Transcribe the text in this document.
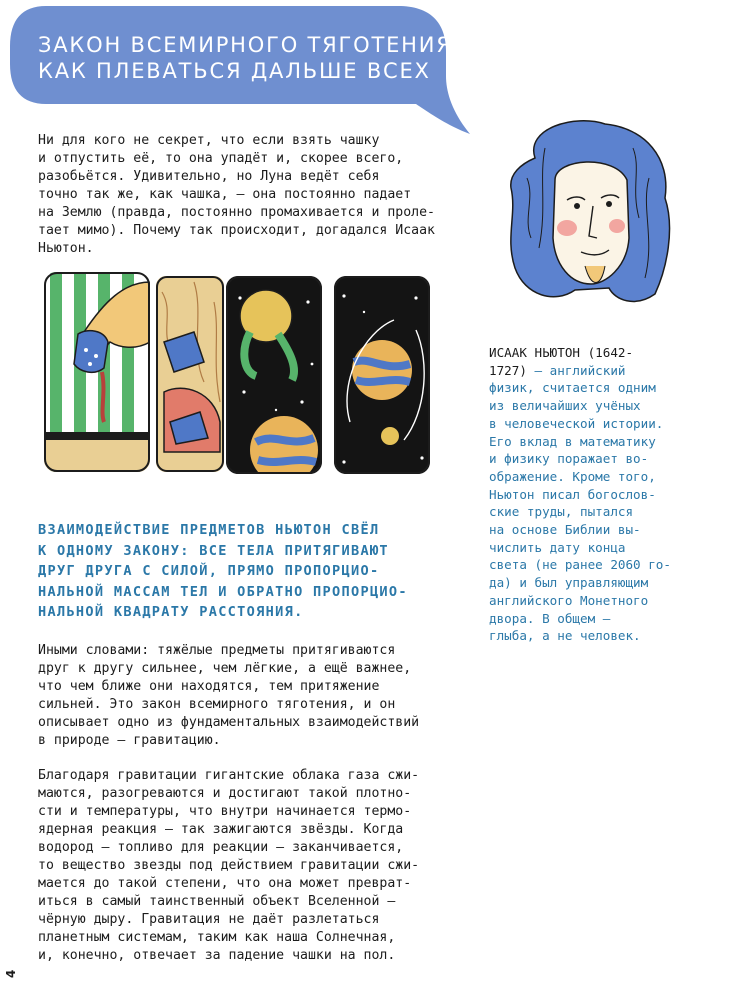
ЗАКОН ВСЕМИРНОГО ТЯГОТЕНИЯ:
КАК ПЛЕВАТЬСЯ ДАЛЬШЕ ВСЕХ

Ни для кого не секрет, что если взять чашку
и отпустить её, то она упадёт и, скорее всего,
разобьётся. Удивительно, но Луна ведёт себя
точно так же, как чашка, — она постоянно падает
на Землю (правда, постоянно промахивается и проле-
тает мимо). Почему так происходит, догадался Исаак
Ньютон.

ВЗАИМОДЕЙСТВИЕ ПРЕДМЕТОВ НЬЮТОН СВЁЛ
К ОДНОМУ ЗАКОНУ: ВСЕ ТЕЛА ПРИТЯГИВАЮТ
ДРУГ ДРУГА С СИЛОЙ, ПРЯМО ПРОПОРЦИО-
НАЛЬНОЙ МАССАМ ТЕЛ И ОБРАТНО ПРОПОРЦИО-
НАЛЬНОЙ КВАДРАТУ РАССТОЯНИЯ.

Иными словами: тяжёлые предметы притягиваются
друг к другу сильнее, чем лёгкие, а ещё важнее,
что чем ближе они находятся, тем притяжение
сильней. Это закон всемирного тяготения, и он
описывает одно из фундаментальных взаимодействий
в природе — гравитацию.

Благодаря гравитации гигантские облака газа сжи-
маются, разогреваются и достигают такой плотно-
сти и температуры, что внутри начинается термо-
ядерная реакция — так зажигаются звёзды. Когда
водород — топливо для реакции — заканчивается,
то вещество звезды под действием гравитации сжи-
мается до такой степени, что она может преврат-
иться в самый таинственный объект Вселенной —
чёрную дыру. Гравитация не даёт разлетаться
планетным системам, таким как наша Солнечная,
и, конечно, отвечает за падение чашки на пол.

ИСААК НЬЮТОН (1642-
1727) — английский
физик, считается одним
из величайших учёных
в человеческой истории.
Его вклад в математику
и физику поражает во-
ображение. Кроме того,
Ньютон писал богослов-
ские труды, пытался
на основе Библии вы-
числить дату конца
света (не ранее 2060 го-
да) и был управляющим
английского Монетного
двора. В общем —
глыба, а не человек.

4
